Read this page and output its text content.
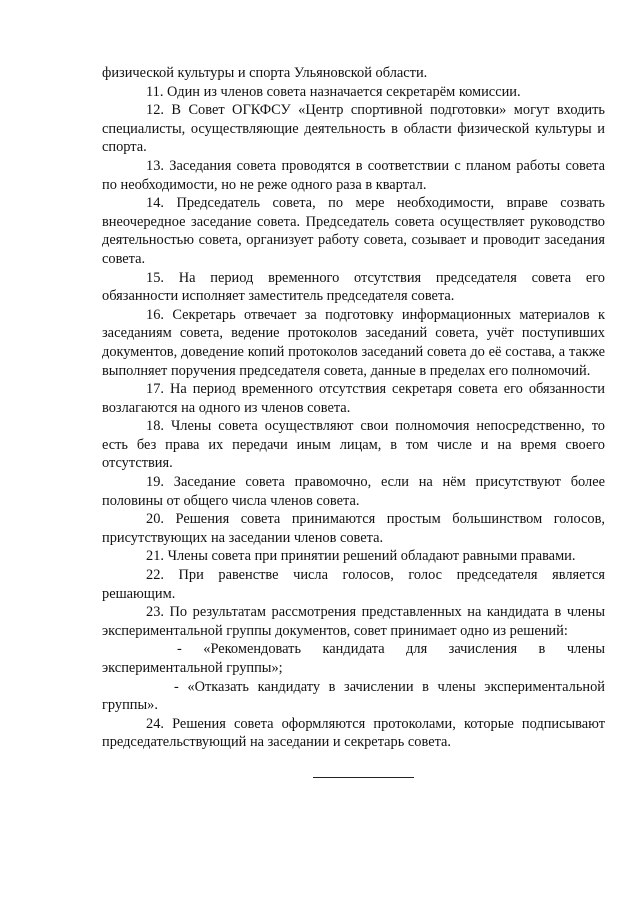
физической культуры и спорта Ульяновской области.

11. Один из членов совета назначается секретарём комиссии.

12. В Совет ОГКФСУ «Центр спортивной подготовки» могут входить специалисты, осуществляющие деятельность в области физической культуры и спорта.

13. Заседания совета проводятся в соответствии с планом работы совета по необходимости, но не реже одного раза в квартал.

14. Председатель совета, по мере необходимости, вправе созвать внеочередное заседание совета. Председатель совета осуществляет руководство деятельностью совета, организует работу совета, созывает и проводит заседания совета.

15. На период временного отсутствия председателя совета его обязанности исполняет заместитель председателя совета.

16. Секретарь отвечает за подготовку информационных материалов к заседаниям совета, ведение протоколов заседаний совета, учёт поступивших документов, доведение копий протоколов заседаний совета до её состава, а также выполняет поручения председателя совета, данные в пределах его полномочий.

17. На период временного отсутствия секретаря совета его обязанности возлагаются на одного из членов совета.

18. Члены совета осуществляют свои полномочия непосредственно, то есть без права их передачи иным лицам, в том числе и на время своего отсутствия.

19. Заседание совета правомочно, если на нём присутствуют более половины от общего числа членов совета.

20. Решения совета принимаются простым большинством голосов, присутствующих на заседании членов совета.

21. Члены совета при принятии решений обладают равными правами.

22. При равенстве числа голосов, голос председателя является решающим.

23. По результатам рассмотрения представленных на кандидата в члены экспериментальной группы документов, совет принимает одно из решений:

- «Рекомендовать кандидата для зачисления в члены экспериментальной группы»;

- «Отказать кандидату в зачислении в члены экспериментальной группы».

24. Решения совета оформляются протоколами, которые подписывают председательствующий на заседании и секретарь совета.
